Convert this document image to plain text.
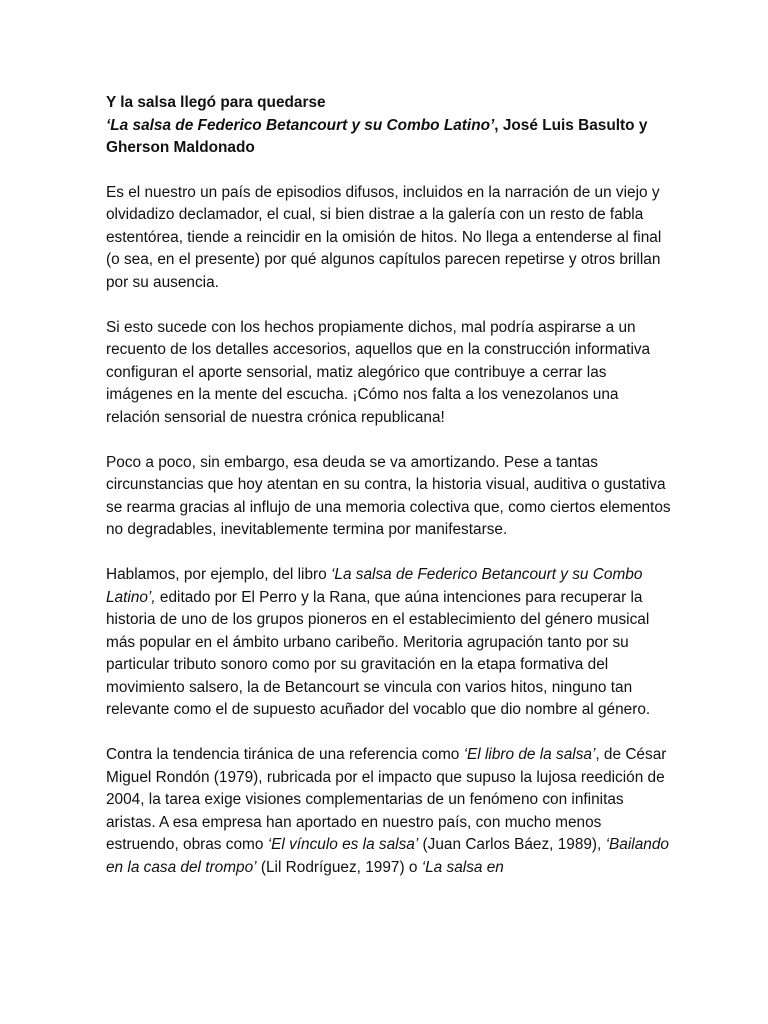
Y la salsa llegó para quedarse

‘La salsa de Federico Betancourt y su Combo Latino’, José Luis Basulto y Gherson Maldonado

Es el nuestro un país de episodios difusos, incluidos en la narración de un viejo y olvidadizo declamador, el cual, si bien distrae a la galería con un resto de fabla estentórea, tiende a reincidir en la omisión de hitos. No llega a entenderse al final (o sea, en el presente) por qué algunos capítulos parecen repetirse y otros brillan por su ausencia.

Si esto sucede con los hechos propiamente dichos, mal podría aspirarse a un recuento de los detalles accesorios, aquellos que en la construcción informativa configuran el aporte sensorial, matiz alegórico que contribuye a cerrar las imágenes en la mente del escucha. ¡Cómo nos falta a los venezolanos una relación sensorial de nuestra crónica republicana!

Poco a poco, sin embargo, esa deuda se va amortizando. Pese a tantas circunstancias que hoy atentan en su contra, la historia visual, auditiva o gustativa se rearma gracias al influjo de una memoria colectiva que, como ciertos elementos no degradables, inevitablemente termina por manifestarse.

Hablamos, por ejemplo, del libro ‘La salsa de Federico Betancourt y su Combo Latino’, editado por El Perro y la Rana, que aúna intenciones para recuperar la historia de uno de los grupos pioneros en el establecimiento del género musical más popular en el ámbito urbano caribeño. Meritoria agrupación tanto por su particular tributo sonoro como por su gravitación en la etapa formativa del movimiento salsero, la de Betancourt se vincula con varios hitos, ninguno tan relevante como el de supuesto acuñador del vocablo que dio nombre al género.

Contra la tendencia tiránica de una referencia como ‘El libro de la salsa’, de César Miguel Rondón (1979), rubricada por el impacto que supuso la lujosa reedición de 2004, la tarea exige visiones complementarias de un fenómeno con infinitas aristas. A esa empresa han aportado en nuestro país, con mucho menos estruendo, obras como ‘El vínculo es la salsa’ (Juan Carlos Báez, 1989), ‘Bailando en la casa del trompo’ (Lil Rodríguez, 1997) o ‘La salsa en
